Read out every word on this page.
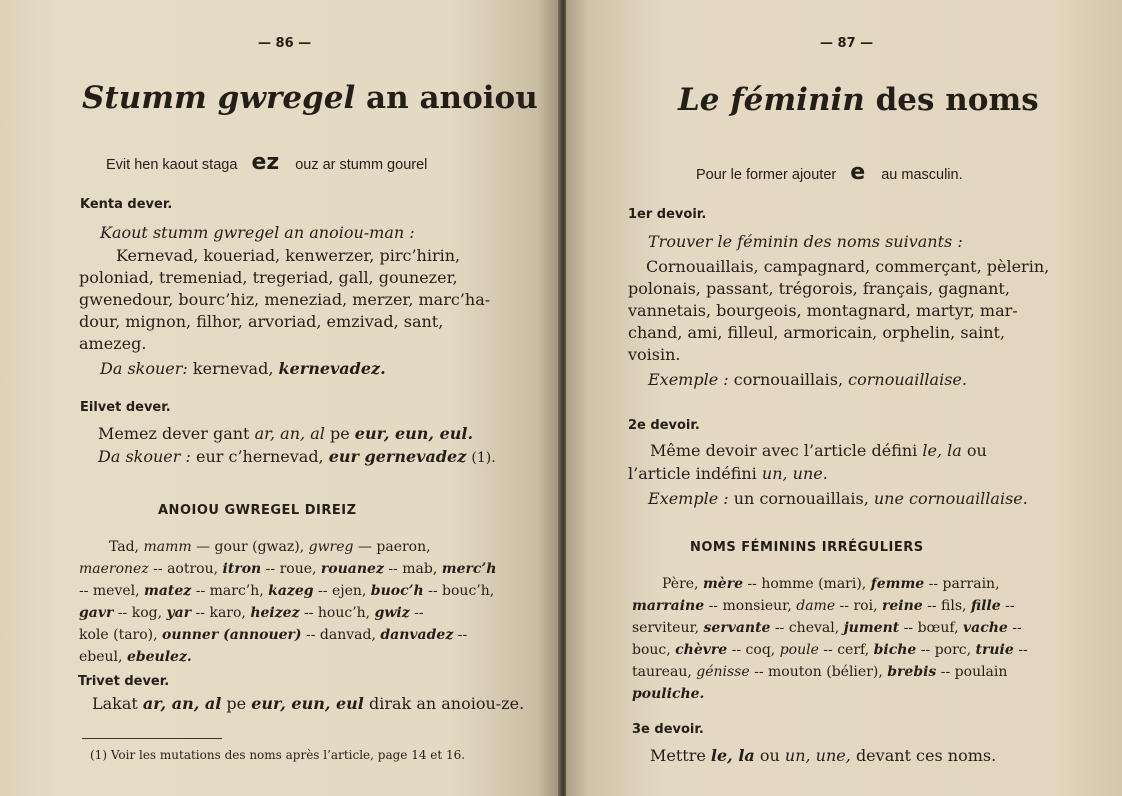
— 86 —
Stumm gwregel an anoiou
Evit hen kaout staga ez ouz ar stumm gourel
Kenta dever.
Kaout stumm gwregel an anoiou-man :
Kernevad, koueriad, kenwerzer, pirc’hirin,
poloniad, tremeniad, tregeriad, gall, gounezer,
gwenedour, bourc’hiz, meneziad, merzer, marc’ha-
dour, mignon, filhor, arvoriad, emzivad, sant,
amezeg.
Da skouer: kernevad, kernevadez.
Eilvet dever.
Memez dever gant ar, an, al pe eur, eun, eul.
Da skouer : eur c’hernevad, eur gernevadez (1).
ANOIOU GWREGEL DIREIZ
Tad, mamm — gour (gwaz), gwreg — paeron,
maeronez -- aotrou, itron -- roue, rouanez -- mab, merc’h
-- mevel, matez -- marc’h, kazeg -- ejen, buoc’h -- bouc’h,
gavr -- kog, yar -- karo, heizez -- houc’h, gwiz --
kole (taro), ounner (annouer) -- danvad, danvadez --
ebeul, ebeulez.
Trivet dever.
Lakat ar, an, al pe eur, eun, eul dirak an anoiou-ze.
(1) Voir les mutations des noms après l’article, page 14 et 16.
— 87 —
Le féminin des noms
Pour le former ajouter e au masculin.
1er devoir.
Trouver le féminin des noms suivants :
Cornouaillais, campagnard, commerçant, pèlerin,
polonais, passant, trégorois, français, gagnant,
vannetais, bourgeois, montagnard, martyr, mar-
chand, ami, filleul, armoricain, orphelin, saint,
voisin.
Exemple : cornouaillais, cornouaillaise.
2e devoir.
Même devoir avec l’article défini le, la ou
l’article indéfini un, une.
Exemple : un cornouaillais, une cornouaillaise.
NOMS FÉMININS IRRÉGULIERS
Père, mère -- homme (mari), femme -- parrain,
marraine -- monsieur, dame -- roi, reine -- fils, fille --
serviteur, servante -- cheval, jument -- bœuf, vache --
bouc, chèvre -- coq, poule -- cerf, biche -- porc, truie --
taureau, génisse -- mouton (bélier), brebis -- poulain
pouliche.
3e devoir.
Mettre le, la ou un, une, devant ces noms.
